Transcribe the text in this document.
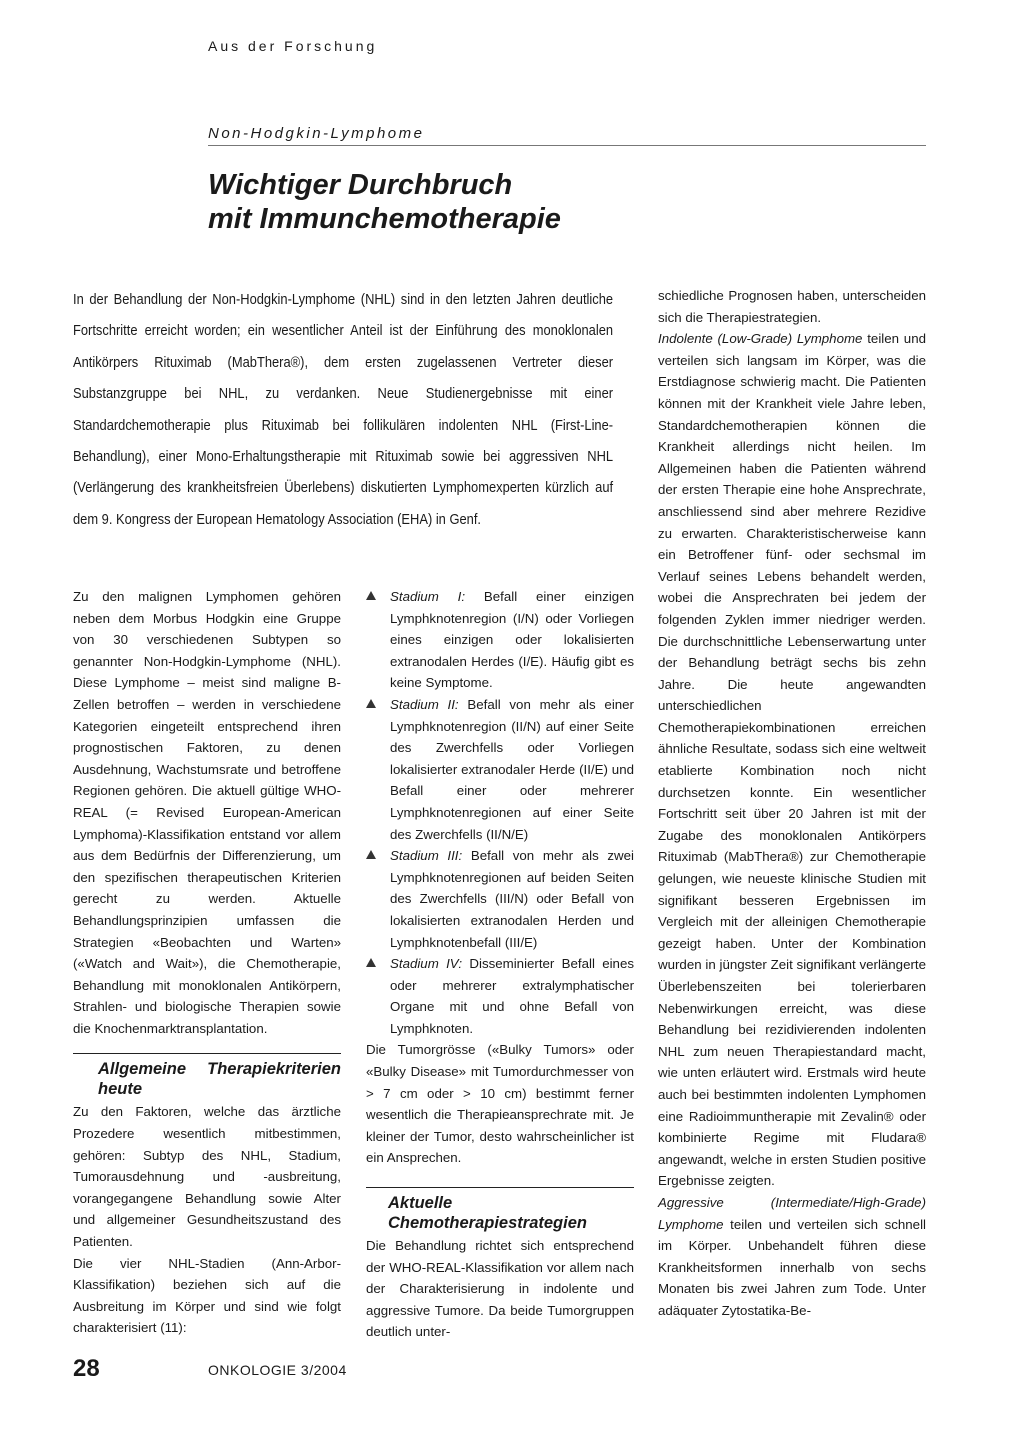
Aus der Forschung
Non-Hodgkin-Lymphome
Wichtiger Durchbruch
mit Immunchemotherapie
In der Behandlung der Non-Hodgkin-Lymphome (NHL) sind in den letzten Jahren deutliche Fortschritte erreicht worden; ein wesentlicher Anteil ist der Einführung des monoklonalen Antikörpers Rituximab (MabThera®), dem ersten zugelassenen Vertreter dieser Substanzgruppe bei NHL, zu verdanken. Neue Studienergebnisse mit einer Standardchemotherapie plus Rituximab bei follikulären indolenten NHL (First-Line-Behandlung), einer Mono-Erhaltungstherapie mit Rituximab sowie bei aggressiven NHL (Verlängerung des krankheitsfreien Überlebens) diskutierten Lymphomexperten kürzlich auf dem 9. Kongress der European Hematology Association (EHA) in Genf.

Zu den malignen Lymphomen gehören neben dem Morbus Hodgkin eine Gruppe von 30 verschiedenen Subtypen so genannter Non-Hodgkin-Lymphome (NHL). Diese Lymphome – meist sind maligne B-Zellen betroffen – werden in verschiedene Kategorien eingeteilt entsprechend ihren prognostischen Faktoren, zu denen Ausdehnung, Wachstumsrate und betroffene Regionen gehören. Die aktuell gültige WHO-REAL (= Revised European-American Lymphoma)-Klassifikation entstand vor allem aus dem Bedürfnis der Differenzierung, um den spezifischen therapeutischen Kriterien gerecht zu werden. Aktuelle Behandlungsprinzipien umfassen die Strategien «Beobachten und Warten» («Watch and Wait»), die Chemotherapie, Behandlung mit monoklonalen Antikörpern, Strahlen- und biologische Therapien sowie die Knochenmarktransplantation.

Allgemeine Therapiekriterien heute

Zu den Faktoren, welche das ärztliche Prozedere wesentlich mitbestimmen, gehören: Subtyp des NHL, Stadium, Tumorausdehnung und -ausbreitung, vorangegangene Behandlung sowie Alter und allgemeiner Gesundheitszustand des Patienten.

Die vier NHL-Stadien (Ann-Arbor-Klassifikation) beziehen sich auf die Ausbreitung im Körper und sind wie folgt charakterisiert (11):

Stadium I: Befall einer einzigen Lymphknotenregion (I/N) oder Vorliegen eines einzigen oder lokalisierten extranodalen Herdes (I/E). Häufig gibt es keine Symptome.
Stadium II: Befall von mehr als einer Lymphknotenregion (II/N) auf einer Seite des Zwerchfells oder Vorliegen lokalisierter extranodaler Herde (II/E) und Befall einer oder mehrerer Lymphknotenregionen auf einer Seite des Zwerchfells (II/N/E)
Stadium III: Befall von mehr als zwei Lymphknotenregionen auf beiden Seiten des Zwerchfells (III/N) oder Befall von lokalisierten extranodalen Herden und Lymphknotenbefall (III/E)
Stadium IV: Disseminierter Befall eines oder mehrerer extralymphatischer Organe mit und ohne Befall von Lymphknoten.

Die Tumorgrösse («Bulky Tumors» oder «Bulky Disease» mit Tumordurchmesser von > 7 cm oder > 10 cm) bestimmt ferner wesentlich die Therapieansprechrate mit. Je kleiner der Tumor, desto wahrscheinlicher ist ein Ansprechen.

Aktuelle Chemotherapiestrategien

Die Behandlung richtet sich entsprechend der WHO-REAL-Klassifikation vor allem nach der Charakterisierung in indolente und aggressive Tumore. Da beide Tumorgruppen deutlich unter-

schiedliche Prognosen haben, unterscheiden sich die Therapiestrategien.

Indolente (Low-Grade) Lymphome teilen und verteilen sich langsam im Körper, was die Erstdiagnose schwierig macht. Die Patienten können mit der Krankheit viele Jahre leben, Standardchemotherapien können die Krankheit allerdings nicht heilen. Im Allgemeinen haben die Patienten während der ersten Therapie eine hohe Ansprechrate, anschliessend sind aber mehrere Rezidive zu erwarten. Charakteristischerweise kann ein Betroffener fünf- oder sechsmal im Verlauf seines Lebens behandelt werden, wobei die Ansprechraten bei jedem der folgenden Zyklen immer niedriger werden. Die durchschnittliche Lebenserwartung unter der Behandlung beträgt sechs bis zehn Jahre. Die heute angewandten unterschiedlichen Chemotherapiekombinationen erreichen ähnliche Resultate, sodass sich eine weltweit etablierte Kombination noch nicht durchsetzen konnte. Ein wesentlicher Fortschritt seit über 20 Jahren ist mit der Zugabe des monoklonalen Antikörpers Rituximab (MabThera®) zur Chemotherapie gelungen, wie neueste klinische Studien mit signifikant besseren Ergebnissen im Vergleich mit der alleinigen Chemotherapie gezeigt haben. Unter der Kombination wurden in jüngster Zeit signifikant verlängerte Überlebenszeiten bei tolerierbaren Nebenwirkungen erreicht, was diese Behandlung bei rezidivierenden indolenten NHL zum neuen Therapiestandard macht, wie unten erläutert wird. Erstmals wird heute auch bei bestimmten indolenten Lymphomen eine Radioimmuntherapie mit Zevalin® oder kombinierte Regime mit Fludara® angewandt, welche in ersten Studien positive Ergebnisse zeigten.

Aggressive (Intermediate/High-Grade) Lymphome teilen und verteilen sich schnell im Körper. Unbehandelt führen diese Krankheitsformen innerhalb von sechs Monaten bis zwei Jahren zum Tode. Unter adäquater Zytostatika-Be-

28	ONKOLOGIE 3/2004
